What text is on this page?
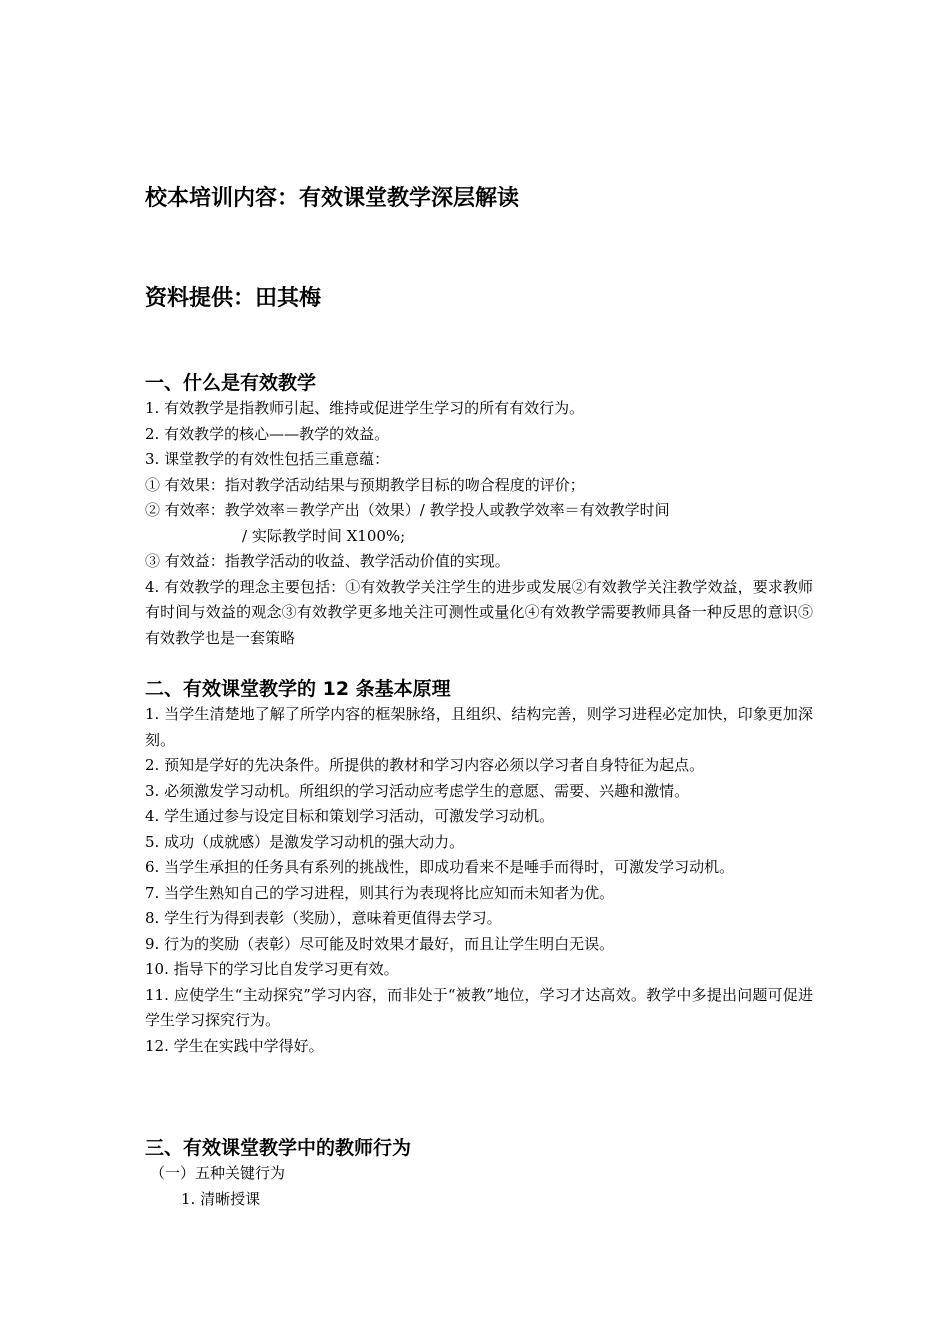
校本培训内容：有效课堂教学深层解读
资料提供：田其梅
一、什么是有效教学
1. 有效教学是指教师引起、维持或促进学生学习的所有有效行为。
2. 有效教学的核心——教学的效益。
3. 课堂教学的有效性包括三重意蕴：
① 有效果：指对教学活动结果与预期教学目标的吻合程度的评价；
② 有效率：教学效率＝教学产出（效果）/ 教学投人或教学效率＝有效教学时间
/ 实际教学时间 X100%;
③ 有效益：指教学活动的收益、教学活动价值的实现。
4. 有效教学的理念主要包括：①有效教学关注学生的进步或发展②有效教学关注教学效益，要求教师有时间与效益的观念③有效教学更多地关注可测性或量化④有效教学需要教师具备一种反思的意识⑤有效教学也是一套策略
二、有效课堂教学的 12 条基本原理
1. 当学生清楚地了解了所学内容的框架脉络，且组织、结构完善，则学习进程必定加快，印象更加深刻。
2. 预知是学好的先决条件。所提供的教材和学习内容必须以学习者自身特征为起点。
3. 必须激发学习动机。所组织的学习活动应考虑学生的意愿、需要、兴趣和激情。
4. 学生通过参与设定目标和策划学习活动，可激发学习动机。
5. 成功（成就感）是激发学习动机的强大动力。
6. 当学生承担的任务具有系列的挑战性，即成功看来不是唾手而得时，可激发学习动机。
7. 当学生熟知自己的学习进程，则其行为表现将比应知而未知者为优。
8. 学生行为得到表彰（奖励），意味着更值得去学习。
9. 行为的奖励（表彰）尽可能及时效果才最好，而且让学生明白无误。
10. 指导下的学习比自发学习更有效。
11. 应使学生“主动探究”学习内容，而非处于“被教”地位，学习才达高效。教学中多提出问题可促进学生学习探究行为。
12. 学生在实践中学得好。
三、有效课堂教学中的教师行为
（一）五种关键行为
1. 清晰授课
